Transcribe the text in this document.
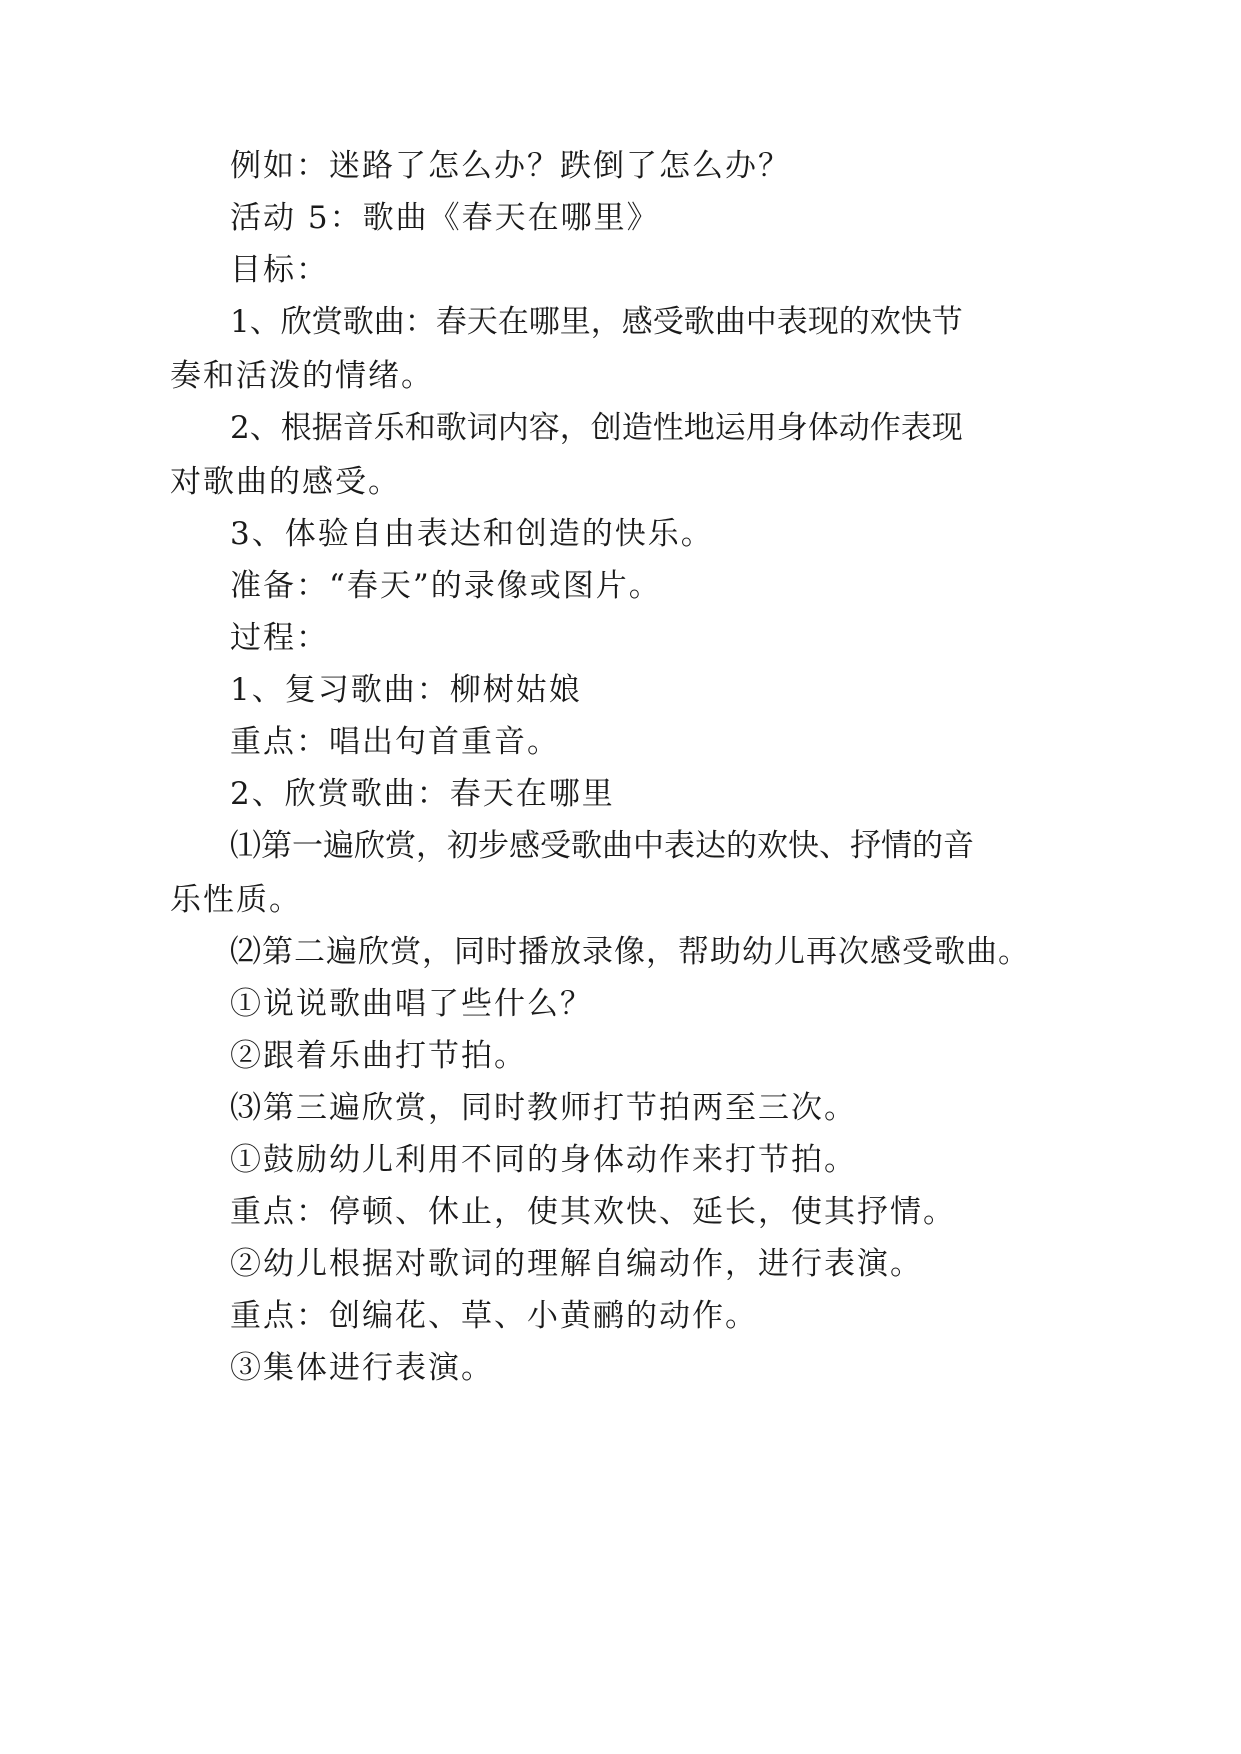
例如：迷路了怎么办？跌倒了怎么办？
活动 5：歌曲《春天在哪里》
目标：
1、欣赏歌曲：春天在哪里，感受歌曲中表现的欢快节
奏和活泼的情绪。
2、根据音乐和歌词内容，创造性地运用身体动作表现
对歌曲的感受。
3、体验自由表达和创造的快乐。
准备：“春天”的录像或图片。
过程：
1、复习歌曲：柳树姑娘
重点：唱出句首重音。
2、欣赏歌曲：春天在哪里
⑴第一遍欣赏，初步感受歌曲中表达的欢快、抒情的音
乐性质。
⑵第二遍欣赏，同时播放录像，帮助幼儿再次感受歌曲。
①说说歌曲唱了些什么？
②跟着乐曲打节拍。
⑶第三遍欣赏，同时教师打节拍两至三次。
①鼓励幼儿利用不同的身体动作来打节拍。
重点：停顿、休止，使其欢快、延长，使其抒情。
②幼儿根据对歌词的理解自编动作，进行表演。
重点：创编花、草、小黄鹂的动作。
③集体进行表演。
